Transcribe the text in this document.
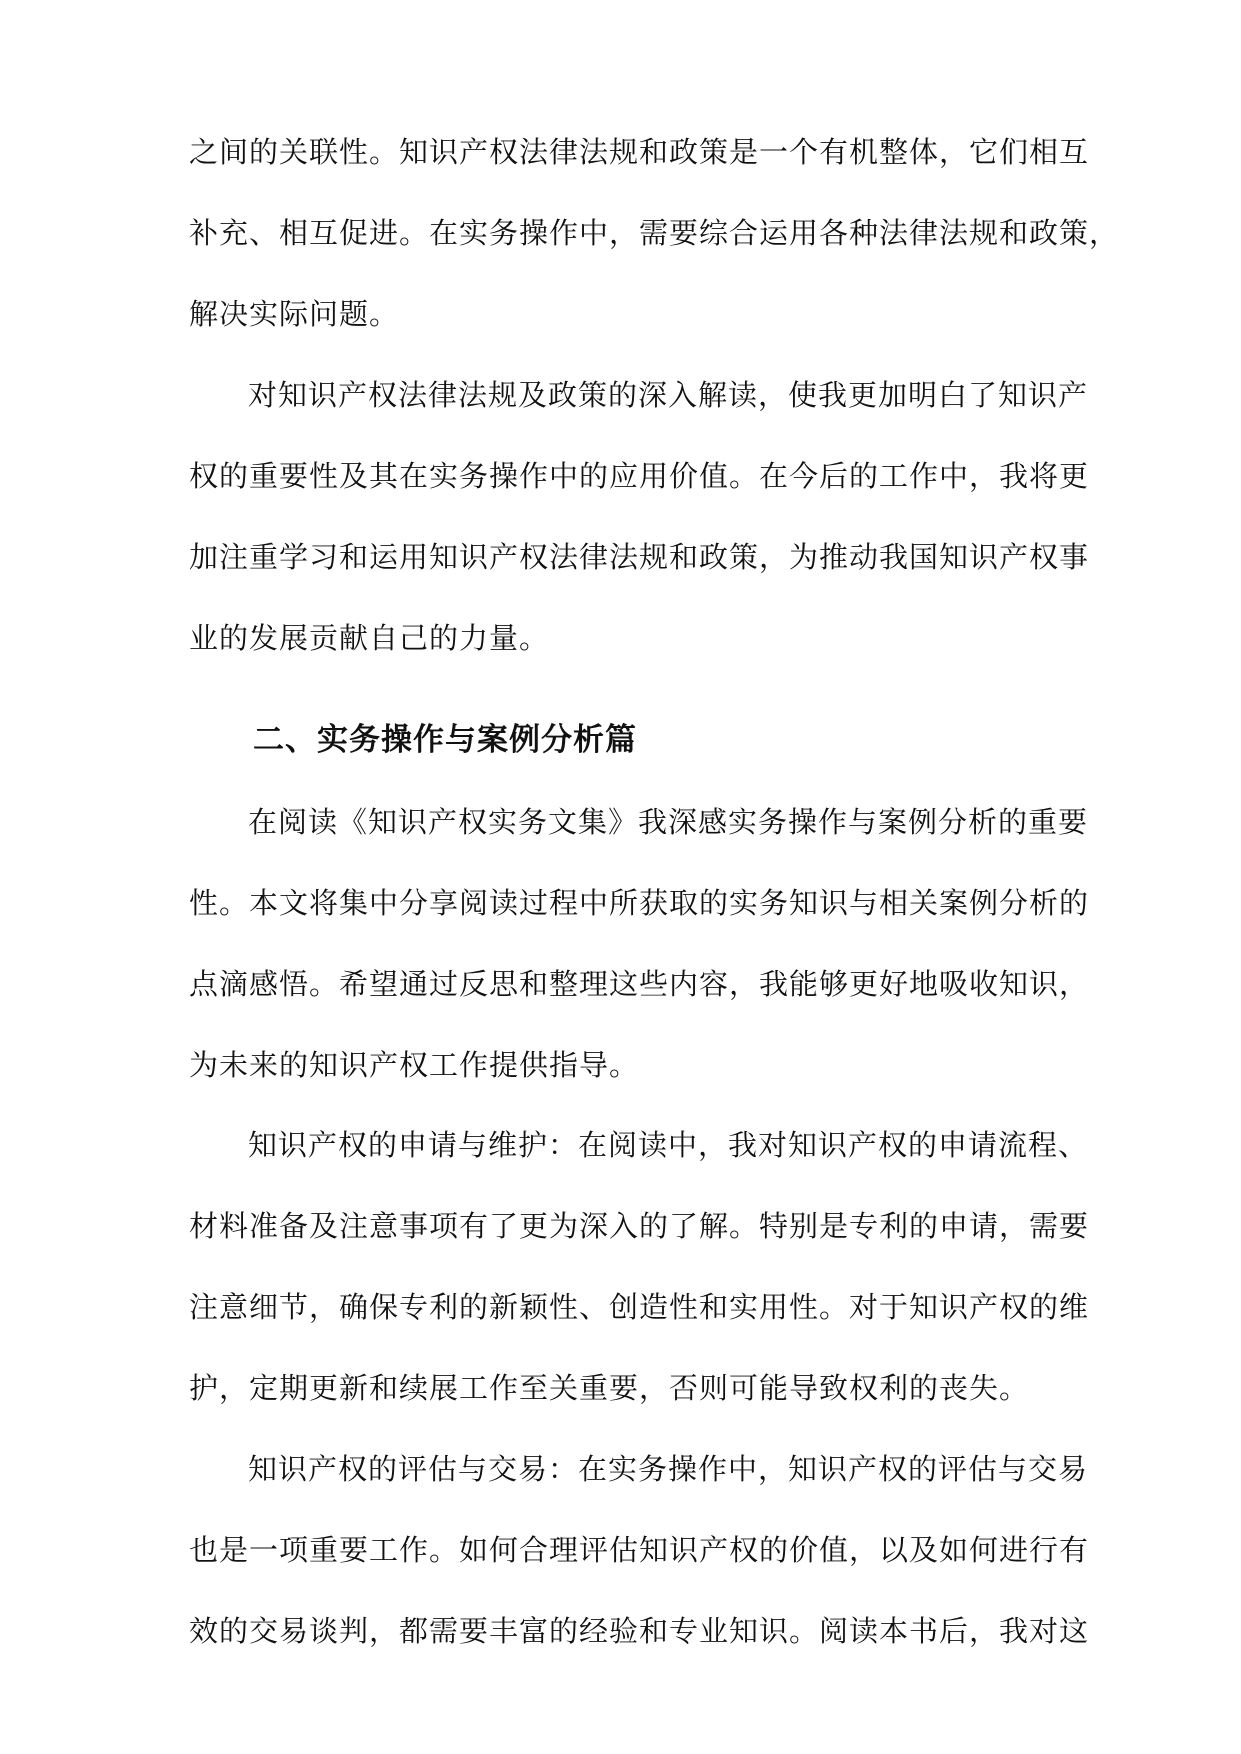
之间的关联性。知识产权法律法规和政策是一个有机整体，它们相互
补充、相互促进。在实务操作中，需要综合运用各种法律法规和政策，
解决实际问题。
对知识产权法律法规及政策的深入解读，使我更加明白了知识产
权的重要性及其在实务操作中的应用价值。在今后的工作中，我将更
加注重学习和运用知识产权法律法规和政策，为推动我国知识产权事
业的发展贡献自己的力量。
二、实务操作与案例分析篇
在阅读《知识产权实务文集》我深感实务操作与案例分析的重要
性。本文将集中分享阅读过程中所获取的实务知识与相关案例分析的
点滴感悟。希望通过反思和整理这些内容，我能够更好地吸收知识，
为未来的知识产权工作提供指导。
知识产权的申请与维护：在阅读中，我对知识产权的申请流程、
材料准备及注意事项有了更为深入的了解。特别是专利的申请，需要
注意细节，确保专利的新颖性、创造性和实用性。对于知识产权的维
护，定期更新和续展工作至关重要，否则可能导致权利的丧失。
知识产权的评估与交易：在实务操作中，知识产权的评估与交易
也是一项重要工作。如何合理评估知识产权的价值，以及如何进行有
效的交易谈判，都需要丰富的经验和专业知识。阅读本书后，我对这
